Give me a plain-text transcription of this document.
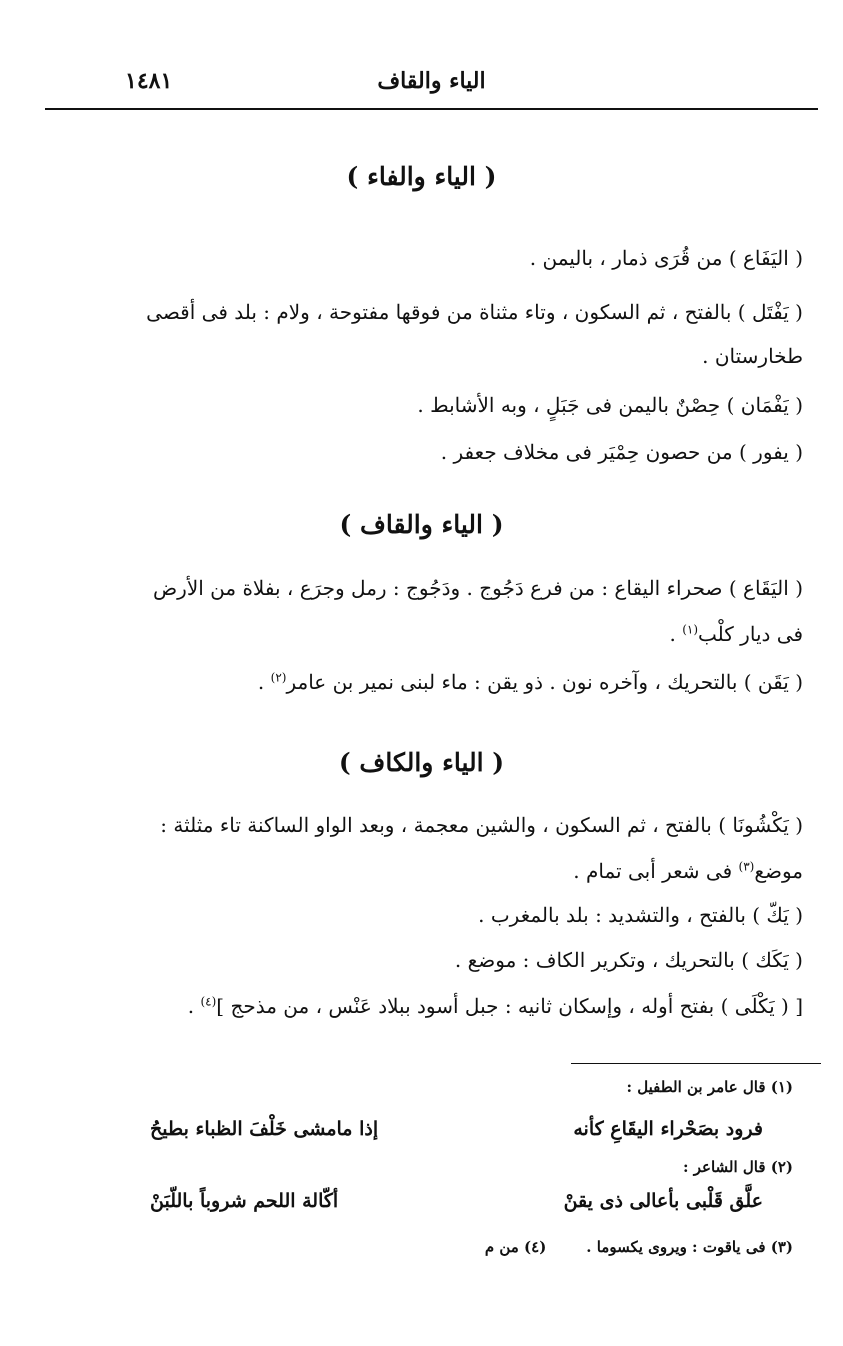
الياء والقاف
١٤٨١
( الياء والفاء )
( اليَفَاع ) من قُرَى ذمار ، باليمن .
( يَفْتَل ) بالفتح ، ثم السكون ، وتاء مثناة من فوقها مفتوحة ، ولام : بلد فى أقصى
طخارستان .
( يَفْمَان ) حِصْنٌ باليمن فى جَبَلٍ ، وبه الأشابط .
( يفور ) من حصون حِمْيَر فى مخلاف جعفر .
( الياء والقاف )
( اليَقَاع ) صحراء اليقاع : من فرع دَجُوج . ودَجُوج : رمل وجرَع ، بفلاة من الأرض
فى ديار كلْب$^{(١)}$ .
( يَقَن ) بالتحريك ، وآخره نون . ذو يقن : ماء لبنى نمير بن عامر$^{(٢)}$ .
( الياء والكاف )
( يَكْشُونَا ) بالفتح ، ثم السكون ، والشين معجمة ، وبعد الواو الساكنة تاء مثلثة :
موضع$^{(٣)}$ فى شعر أبى تمام .
( يَكّ ) بالفتح ، والتشديد : بلد بالمغرب .
( يَكَك ) بالتحريك ، وتكرير الكاف : موضع .
[ ( يَكْلَى ) بفتح أوله ، وإسكان ثانيه : جبل أسود ببلاد عَنْس ، من مذحج ]$^{(٤)}$ .
(١) قال عامر بن الطفيل :
فرود بصَحْراء اليقَاعِ كأنه
إذا مامشى خَلْفَ الظباء بطيحُ
(٢) قال الشاعر :
علَّق قَلْبى بأعالى ذى يقنْ
أكّالة اللحم شروباً باللّبَنْ
(٣) فى ياقوت : ويروى يكسوما .(٤) من م
